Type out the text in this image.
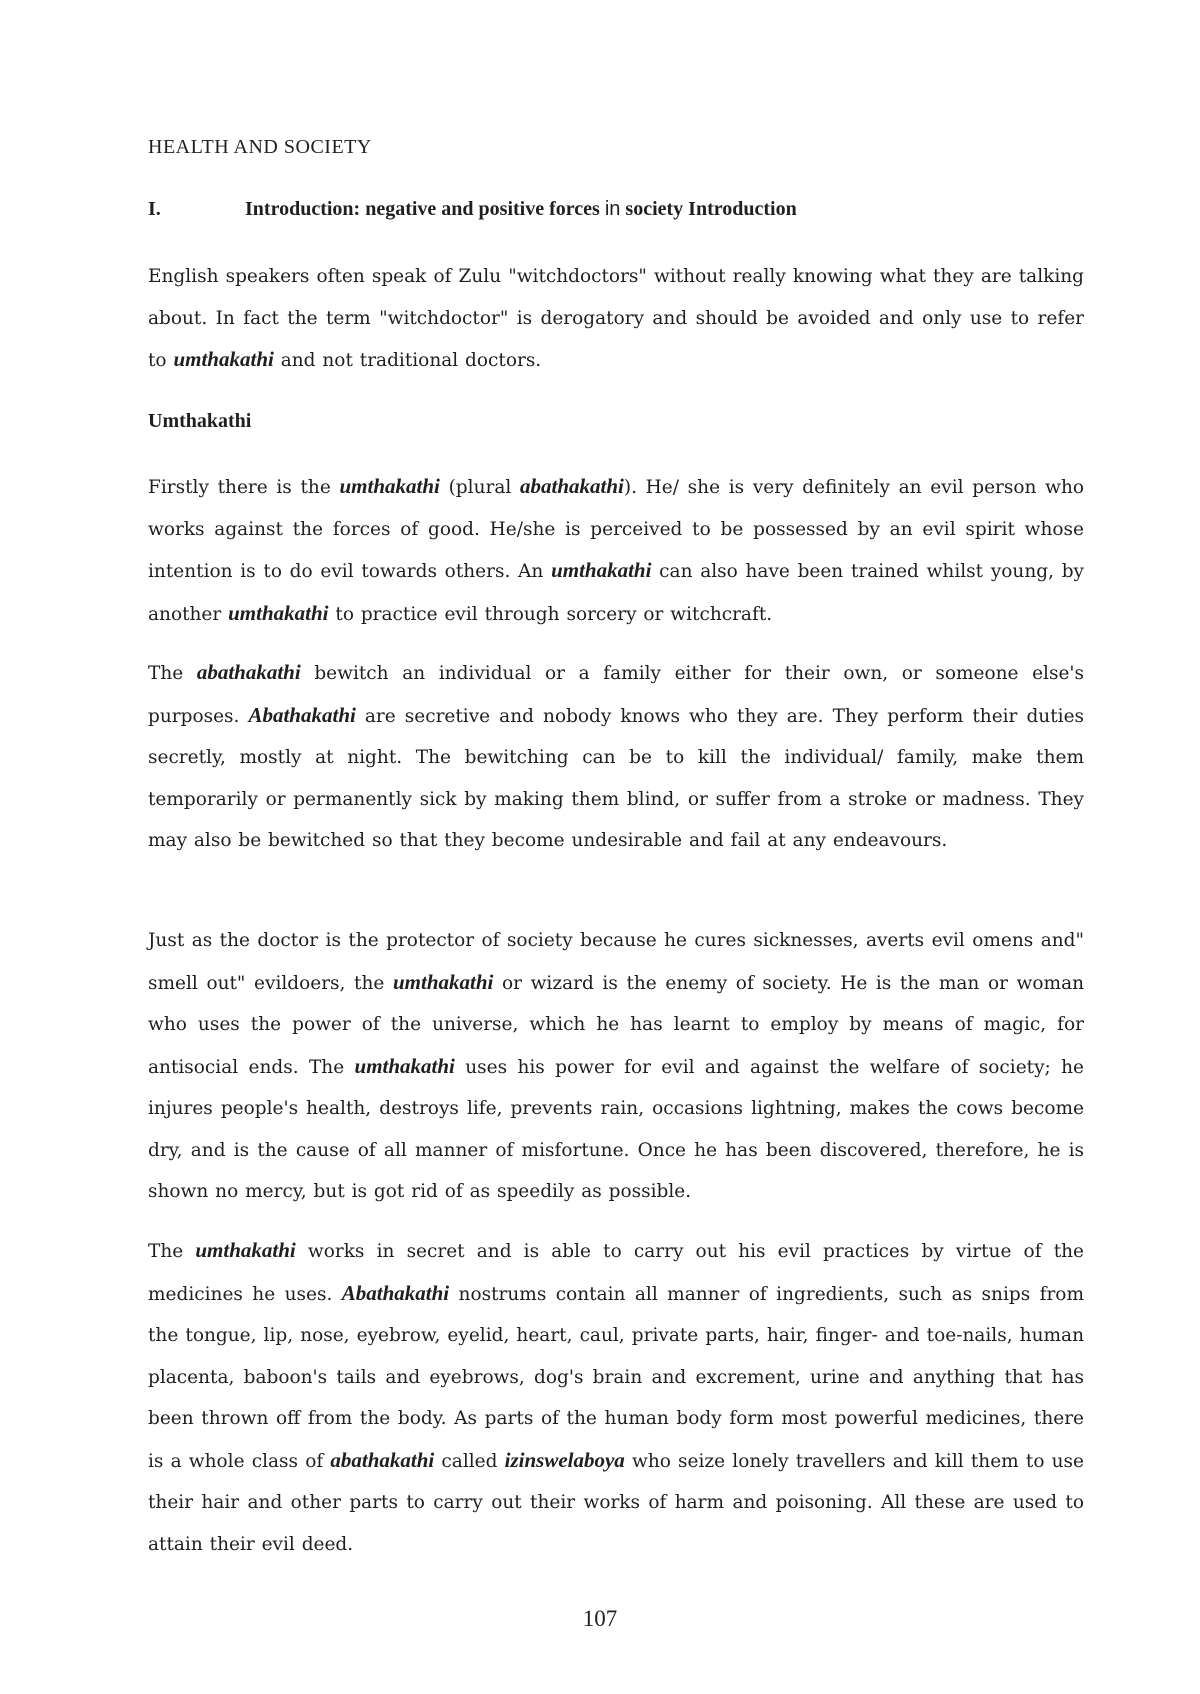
HEALTH AND SOCIETY
I.	Introduction: negative and positive forces in society Introduction

English speakers often speak of Zulu "witchdoctors" without really knowing what they are talking about. In fact the term "witchdoctor" is derogatory and should be avoided and only use to refer to umthakathi and not traditional doctors.

Umthakathi

Firstly there is the umthakathi (plural abathakathi). He/ she is very definitely an evil person who works against the forces of good. He/she is perceived to be possessed by an evil spirit whose intention is to do evil towards others. An umthakathi can also have been trained whilst young, by another umthakathi to practice evil through sorcery or witchcraft.

The abathakathi bewitch an individual or a family either for their own, or someone else's purposes. Abathakathi are secretive and nobody knows who they are. They perform their duties secretly, mostly at night. The bewitching can be to kill the individual/ family, make them temporarily or permanently sick by making them blind, or suffer from a stroke or madness. They may also be bewitched so that they become undesirable and fail at any endeavours.

Just as the doctor is the protector of society because he cures sicknesses, averts evil omens and" smell out" evildoers, the umthakathi or wizard is the enemy of society. He is the man or woman who uses the power of the universe, which he has learnt to employ by means of magic, for antisocial ends. The umthakathi uses his power for evil and against the welfare of society; he injures people's health, destroys life, prevents rain, occasions lightning, makes the cows become dry, and is the cause of all manner of misfortune. Once he has been discovered, therefore, he is shown no mercy, but is got rid of as speedily as possible.

The umthakathi works in secret and is able to carry out his evil practices by virtue of the medicines he uses. Abathakathi nostrums contain all manner of ingredients, such as snips from the tongue, lip, nose, eyebrow, eyelid, heart, caul, private parts, hair, finger- and toe-nails, human placenta, baboon's tails and eyebrows, dog's brain and excrement, urine and anything that has been thrown off from the body. As parts of the human body form most powerful medicines, there is a whole class of abathakathi called izinswelaboya who seize lonely travellers and kill them to use their hair and other parts to carry out their works of harm and poisoning. All these are used to attain their evil deed.

107
